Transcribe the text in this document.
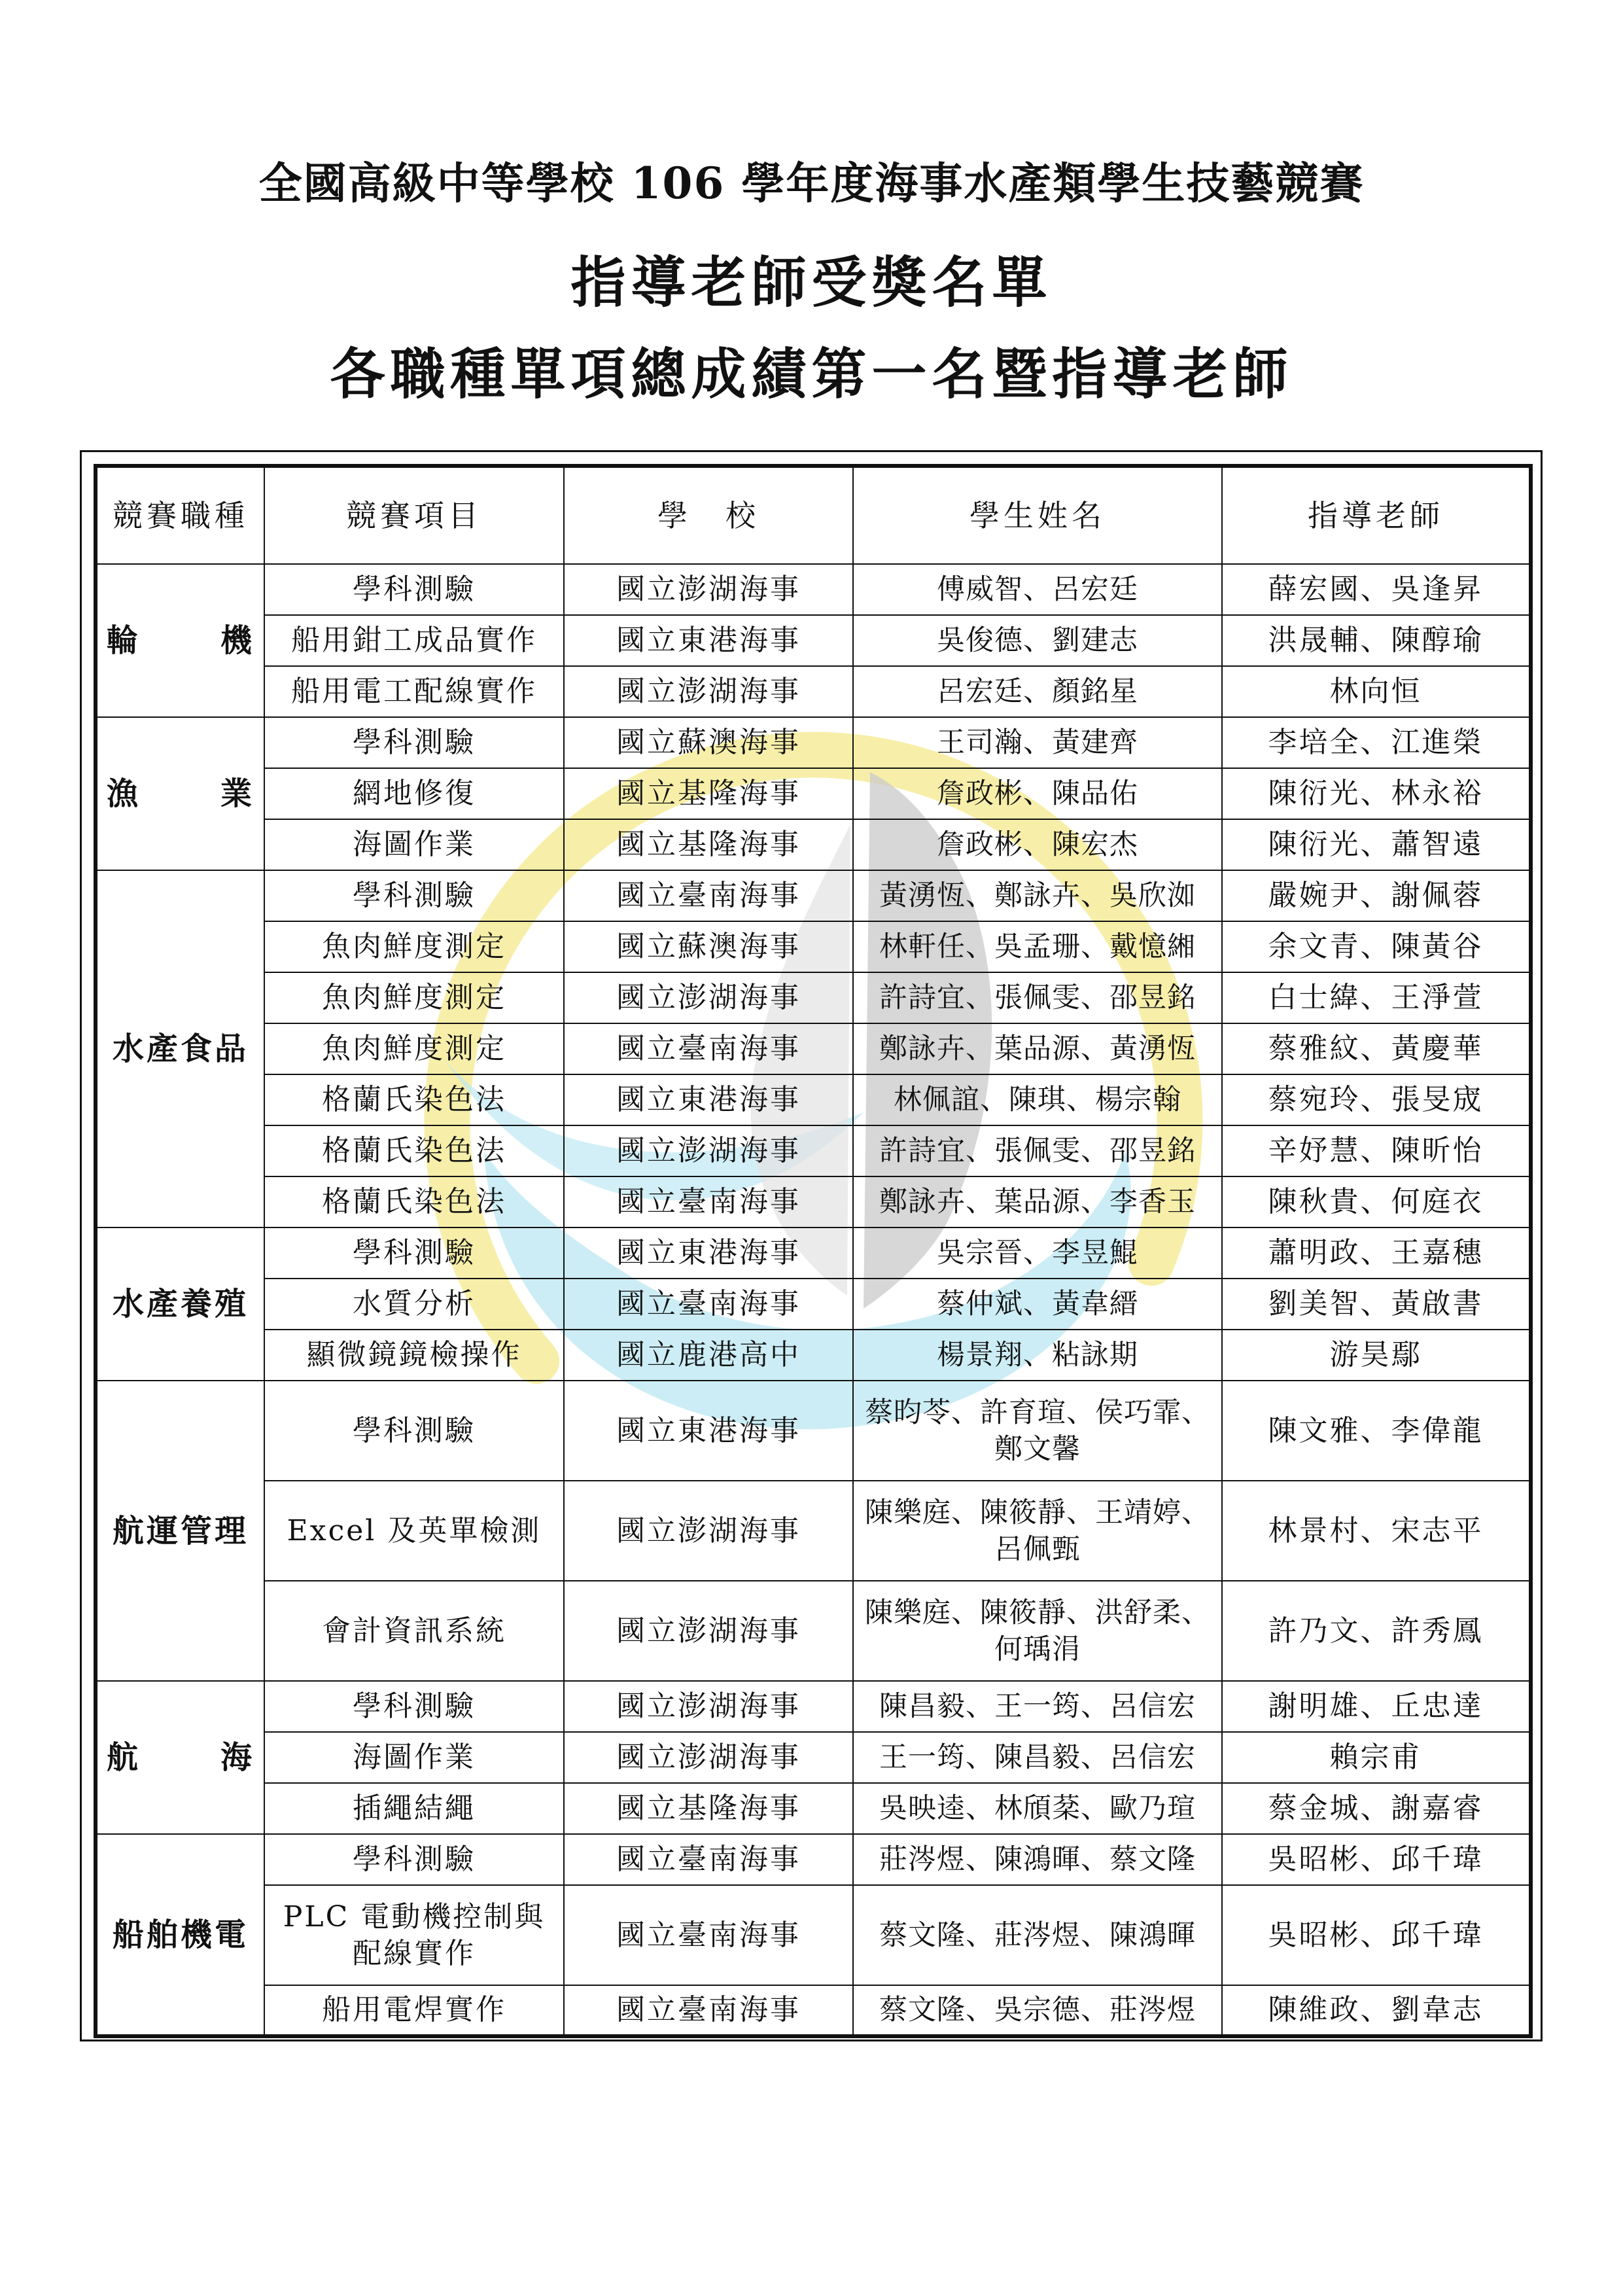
全國高級中等學校 106 學年度海事水產類學生技藝競賽
指導老師受獎名單
各職種單項總成績第一名暨指導老師
競賽職種	競賽項目	學　校	學生姓名	指導老師
輪　　機	學科測驗	國立澎湖海事	傅威智、呂宏廷	薛宏國、吳逢昇
	船用鉗工成品實作	國立東港海事	吳俊德、劉建志	洪晟輔、陳醇瑜
	船用電工配線實作	國立澎湖海事	呂宏廷、顏銘星	林向恒
漁　　業	學科測驗	國立蘇澳海事	王司瀚、黃建齊	李培全、江進榮
	網地修復	國立基隆海事	詹政彬、陳品佑	陳衍光、林永裕
	海圖作業	國立基隆海事	詹政彬、陳宏杰	陳衍光、蕭智遠
水產食品	學科測驗	國立臺南海事	黃湧恆、鄭詠卉、吳欣洳	嚴婉尹、謝佩蓉
	魚肉鮮度測定	國立蘇澳海事	林軒任、吳孟珊、戴憶緗	余文青、陳黃谷
	魚肉鮮度測定	國立澎湖海事	許詩宜、張佩雯、邵昱銘	白士緯、王淨萱
	魚肉鮮度測定	國立臺南海事	鄭詠卉、葉品源、黃湧恆	蔡雅紋、黃慶華
	格蘭氏染色法	國立東港海事	林佩誼、陳琪、楊宗翰	蔡宛玲、張旻宬
	格蘭氏染色法	國立澎湖海事	許詩宜、張佩雯、邵昱銘	辛妤慧、陳昕怡
	格蘭氏染色法	國立臺南海事	鄭詠卉、葉品源、李香玉	陳秋貴、何庭衣
水產養殖	學科測驗	國立東港海事	吳宗晉、李昱鯤	蕭明政、王嘉穗
	水質分析	國立臺南海事	蔡仲斌、黃韋縉	劉美智、黃啟書
	顯微鏡鏡檢操作	國立鹿港高中	楊景翔、粘詠期	游昊鄢
航運管理	學科測驗	國立東港海事	蔡昀苓、許育瑄、侯巧霏、鄭文馨	陳文雅、李偉龍
	Excel 及英單檢測	國立澎湖海事	陳樂庭、陳筱靜、王靖婷、呂佩甄	林景村、宋志平
	會計資訊系統	國立澎湖海事	陳樂庭、陳筱靜、洪舒柔、何瑀涓	許乃文、許秀鳳
航　　海	學科測驗	國立澎湖海事	陳昌毅、王一筠、呂信宏	謝明雄、丘忠達
	海圖作業	國立澎湖海事	王一筠、陳昌毅、呂信宏	賴宗甫
	插繩結繩	國立基隆海事	吳映逵、林頎棻、歐乃瑄	蔡金城、謝嘉睿
船舶機電	學科測驗	國立臺南海事	莊涔煜、陳鴻暉、蔡文隆	吳昭彬、邱千瑋
	PLC 電動機控制與配線實作	國立臺南海事	蔡文隆、莊涔煜、陳鴻暉	吳昭彬、邱千瑋
	船用電焊實作	國立臺南海事	蔡文隆、吳宗德、莊涔煜	陳維政、劉韋志
